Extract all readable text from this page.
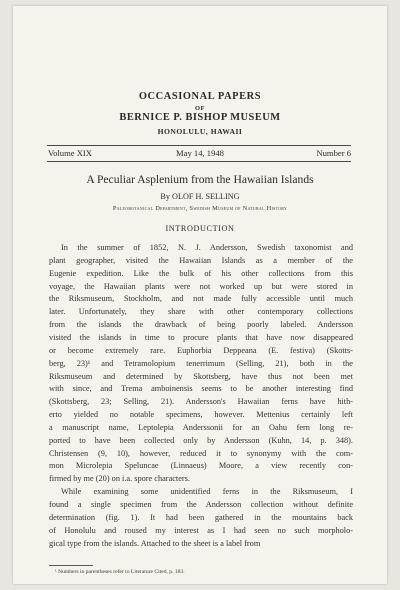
OCCASIONAL PAPERS
OF
BERNICE P. BISHOP MUSEUM
HONOLULU, HAWAII
Volume XIX	May 14, 1948	Number 6
A Peculiar Asplenium from the Hawaiian Islands
By OLOF H. SELLING
Paleobotanical Department, Swedish Museum of Natural History
INTRODUCTION
In the summer of 1852, N. J. Andersson, Swedish taxonomist and
plant geographer, visited the Hawaiian Islands as a member of the
Eugenie expedition. Like the bulk of his other collections from this
voyage, the Hawaiian plants were not worked up but were stored in
the Riksmuseum, Stockholm, and not made fully accessible until much
later. Unfortunately, they share with other contemporary collections
from the islands the drawback of being poorly labeled. Andersson
visited the islands in time to procure plants that have now disappeared
or become extremely rare. Euphorbia Deppeana (E. festiva) (Skotts-
berg, 23)¹ and Tetramolopium tenerrimum (Selling, 21), both in the
Riksmuseum and determined by Skottsberg, have thus not been met
with since, and Trema amboinensis seems to be another interesting find
(Skottsberg, 23; Selling, 21). Andersson's Hawaiian ferns have hith-
erto yielded no notable specimens, however. Mettenius certainly left
a manuscript name, Leptolepia Anderssonii for an Oahu fern long re-
ported to have been collected only by Andersson (Kuhn, 14, p. 348).
Christensen (9, 10), however, reduced it to synonymy with the com-
mon Microlepia Speluncae (Linnaeus) Moore, a view recently con-
firmed by me (20) on i.a. spore characters.
While examining some unidentified ferns in the Riksmuseum, I
found a single specimen from the Andersson collection without definite
determination (fig. 1). It had been gathered in the mountains back
of Honolulu and roused my interest as I had seen no such morpholo-
gical type from the islands. Attached to the sheet is a label from
¹ Numbers in parentheses refer to Literature Cited, p. 183.
